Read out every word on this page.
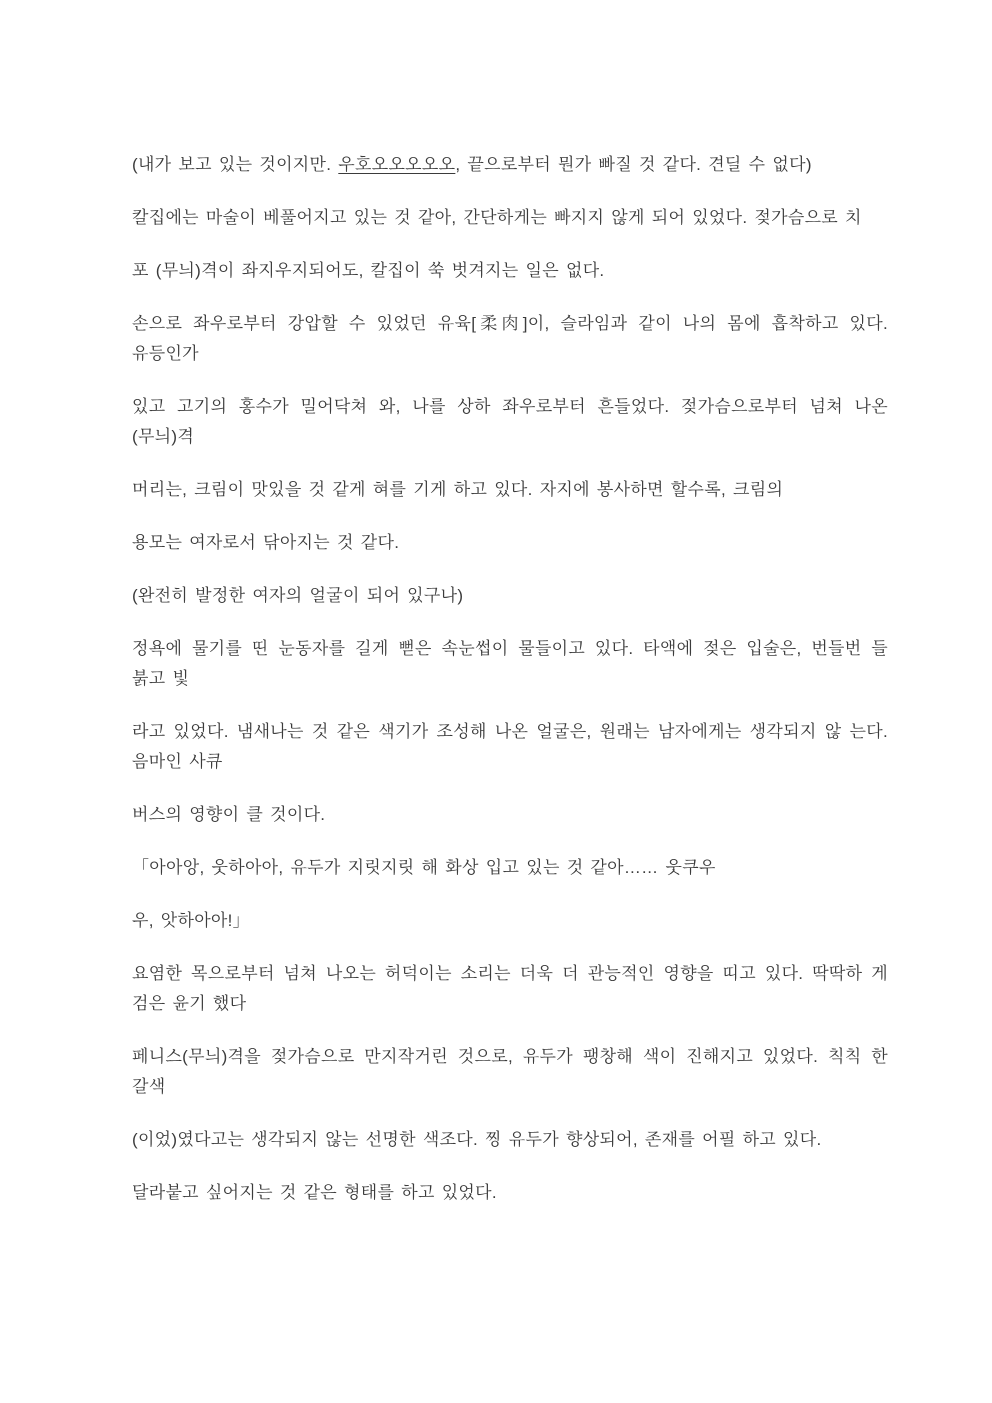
(내가 보고 있는 것이지만. 우호오오오오오, 끝으로부터 뭔가 빠질 것 같다. 견딜 수 없다)

칼집에는 마술이 베풀어지고 있는 것 같아, 간단하게는 빠지지 않게 되어 있었다. 젖가슴으로 치

포 (무늬)격이 좌지우지되어도, 칼집이 쑥 벗겨지는 일은 없다.

손으로 좌우로부터 강압할 수 있었던 유육[柔肉]이, 슬라임과 같이 나의 몸에 흡착하고 있다. 유등인가

있고 고기의 홍수가 밀어닥쳐 와, 나를 상하 좌우로부터 흔들었다. 젖가슴으로부터 넘쳐 나온 (무늬)격

머리는, 크림이 맛있을 것 같게 혀를 기게 하고 있다. 자지에 봉사하면 할수록, 크림의

용모는 여자로서 닦아지는 것 같다.

(완전히 발정한 여자의 얼굴이 되어 있구나)

정욕에 물기를 띤 눈동자를 길게 뻗은 속눈썹이 물들이고 있다. 타액에 젖은 입술은, 번들번 들 붉고 빛

라고 있었다. 냄새나는 것 같은 색기가 조성해 나온 얼굴은, 원래는 남자에게는 생각되지 않 는다. 음마인 사큐

버스의 영향이 클 것이다.

「아아앙, 웃하아아, 유두가 지릿지릿 해 화상 입고 있는 것 같아…… 웃쿠우

우, 앗하아아!」

요염한 목으로부터 넘쳐 나오는 허덕이는 소리는 더욱 더 관능적인 영향을 띠고 있다. 딱딱하 게 검은 윤기 했다

페니스(무늬)격을 젖가슴으로 만지작거린 것으로, 유두가 팽창해 색이 진해지고 있었다. 칙칙 한 갈색

(이었)였다고는 생각되지 않는 선명한 색조다. 찡 유두가 향상되어, 존재를 어필 하고 있다.

달라붙고 싶어지는 것 같은 형태를 하고 있었다.
